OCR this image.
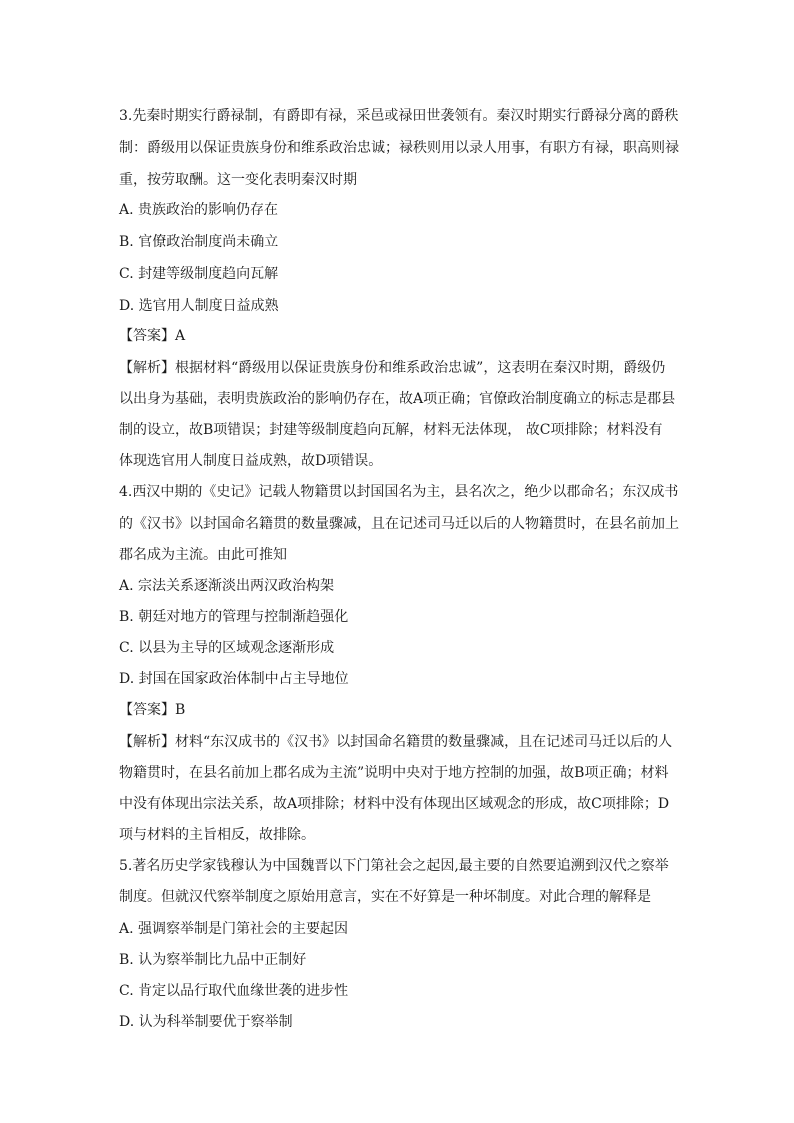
3.先秦时期实行爵禄制，有爵即有禄，采邑或禄田世袭领有。秦汉时期实行爵禄分离的爵秩
制：爵级用以保证贵族身份和维系政治忠诚；禄秩则用以录人用事，有职方有禄，职高则禄
重，按劳取酬。这一变化表明秦汉时期
A. 贵族政治的影响仍存在
B. 官僚政治制度尚未确立
C. 封建等级制度趋向瓦解
D. 选官用人制度日益成熟
【答案】A
【解析】根据材料“爵级用以保证贵族身份和维系政治忠诚”，这表明在秦汉时期，爵级仍
以出身为基础，表明贵族政治的影响仍存在，故A项正确；官僚政治制度确立的标志是郡县
制的设立，故B项错误；封建等级制度趋向瓦解，材料无法体现， 故C项排除；材料没有
体现选官用人制度日益成熟，故D项错误。
4.西汉中期的《史记》记载人物籍贯以封国国名为主，县名次之，绝少以郡命名；东汉成书
的《汉书》以封国命名籍贯的数量骤减，且在记述司马迁以后的人物籍贯时，在县名前加上
郡名成为主流。由此可推知
A. 宗法关系逐渐淡出两汉政治构架
B. 朝廷对地方的管理与控制渐趋强化
C. 以县为主导的区域观念逐渐形成
D. 封国在国家政治体制中占主导地位
【答案】B
【解析】材料“东汉成书的《汉书》以封国命名籍贯的数量骤减，且在记述司马迁以后的人
物籍贯时，在县名前加上郡名成为主流”说明中央对于地方控制的加强，故B项正确；材料
中没有体现出宗法关系，故A项排除；材料中没有体现出区域观念的形成，故C项排除；D
项与材料的主旨相反，故排除。
5.著名历史学家钱穆认为中国魏晋以下门第社会之起因,最主要的自然要追溯到汉代之察举
制度。但就汉代察举制度之原始用意言，实在不好算是一种坏制度。对此合理的解释是
A. 强调察举制是门第社会的主要起因
B. 认为察举制比九品中正制好
C. 肯定以品行取代血缘世袭的进步性
D. 认为科举制要优于察举制
